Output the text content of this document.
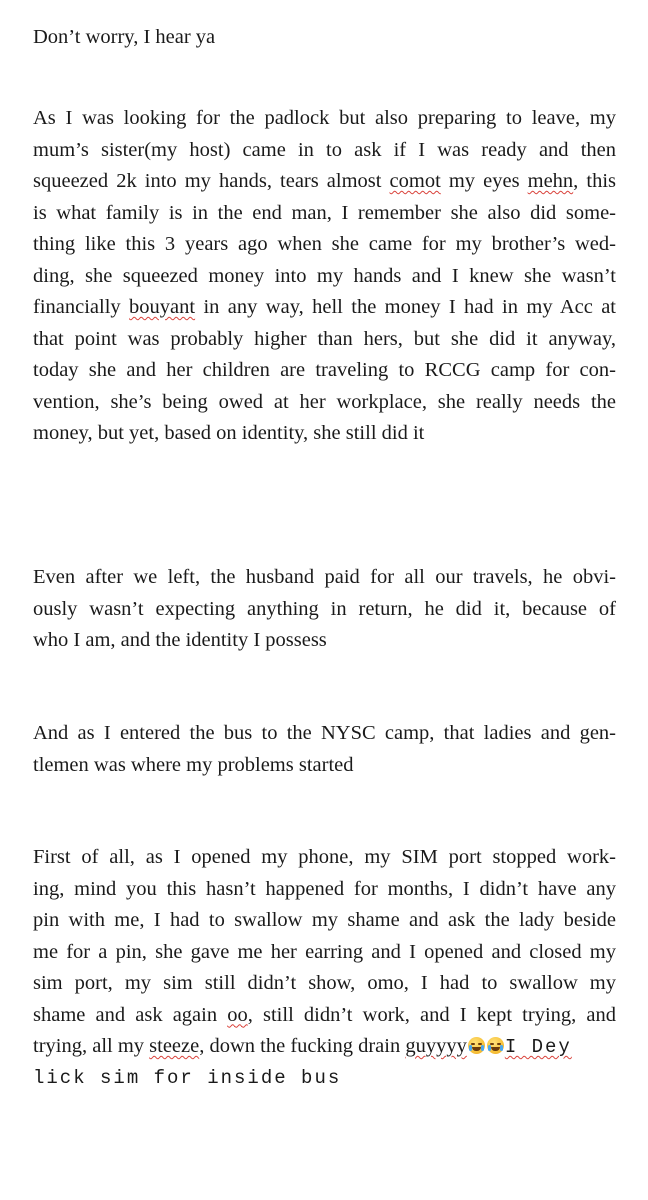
Don’t worry, I hear ya
As I was looking for the padlock but also preparing to leave, my
mum’s sister(my host) came in to ask if I was ready and then
squeezed 2k into my hands, tears almost comot my eyes mehn, this
is what family is in the end man, I remember she also did some-
thing like this 3 years ago when she came for my brother’s wed-
ding, she squeezed money into my hands and I knew she wasn’t
financially bouyant in any way, hell the money I had in my Acc at
that point was probably higher than hers, but she did it anyway,
today she and her children are traveling to RCCG camp for con-
vention, she’s being owed at her workplace, she really needs the
money, but yet, based on identity, she still did it
Even after we left, the husband paid for all our travels, he obvi-
ously wasn’t expecting anything in return, he did it, because of
who I am, and the identity I possess
And as I entered the bus to the NYSC camp, that ladies and gen-
tlemen was where my problems started
First of all, as I opened my phone, my SIM port stopped work-
ing, mind you this hasn’t happened for months, I didn’t have any
pin with me, I had to swallow my shame and ask the lady beside
me for a pin, she gave me her earring and I opened and closed my
sim port, my sim still didn’t show, omo, I had to swallow my
shame and ask again oo, still didn’t work, and I kept trying, and
trying, all my steeze, down the fucking drain guyyyy I Dey
lick sim for inside bus
